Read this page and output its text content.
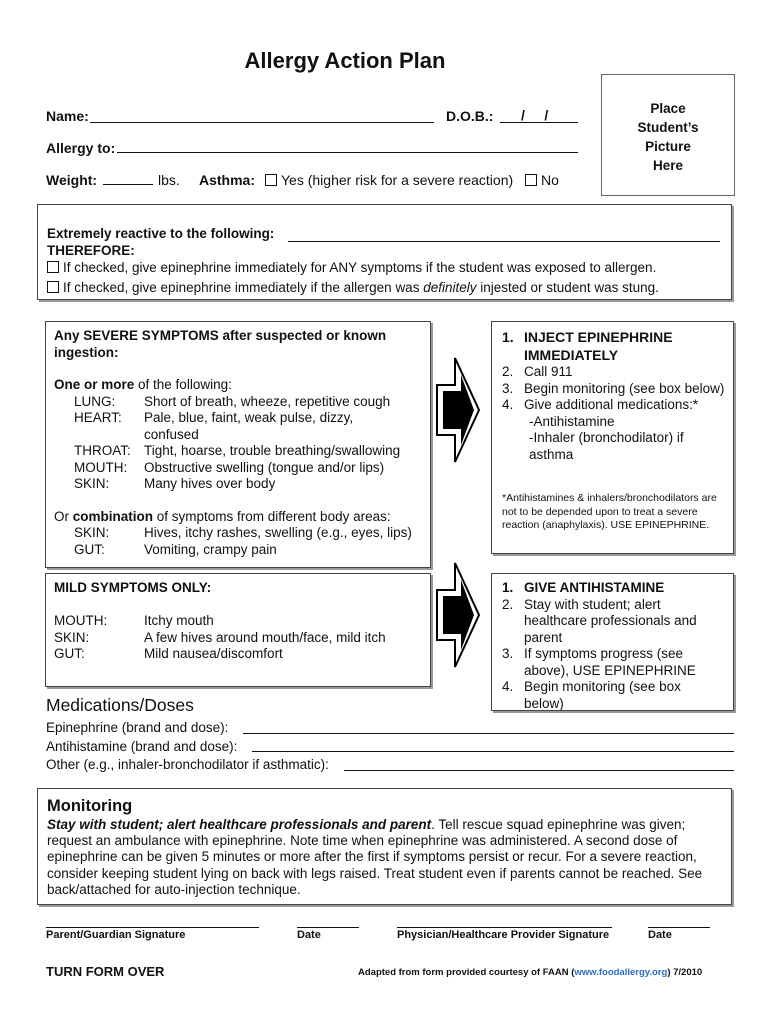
Allergy Action Plan
Name:	D.O.B.: /     /
Allergy to:
Weight:	lbs. Asthma:	Yes (higher risk for a severe reaction)	No
Place
Student’s
Picture
Here
Extremely reactive to the following:
THEREFORE:
If checked, give epinephrine immediately for ANY symptoms if the student was exposed to allergen.
If checked, give epinephrine immediately if the allergen was definitely injested or student was stung.
Any SEVERE SYMPTOMS after suspected or known
ingestion:
One or more of the following:
LUNG: Short of breath, wheeze, repetitive cough
HEART: Pale, blue, faint, weak pulse, dizzy,
confused
THROAT: Tight, hoarse, trouble breathing/swallowing
MOUTH: Obstructive swelling (tongue and/or lips)
SKIN:	Many hives over body
Or combination of symptoms from different body areas:
SKIN:	Hives, itchy rashes, swelling (e.g., eyes, lips)
GUT:	Vomiting, crampy pain
1. INJECT EPINEPHRINE IMMEDIATELY
2. Call 911
3. Begin monitoring (see box below)
4. Give additional medications:*
-Antihistamine
-Inhaler (bronchodilator) if asthma
*Antihistamines & inhalers/bronchodilators are not to be depended upon to treat a severe reaction (anaphylaxis). USE EPINEPHRINE.
MILD SYMPTOMS ONLY:
MOUTH:	Itchy mouth
SKIN:	A few hives around mouth/face, mild itch
GUT:	Mild nausea/discomfort
1. GIVE ANTIHISTAMINE
2. Stay with student; alert healthcare professionals and parent
3. If symptoms progress (see above), USE EPINEPHRINE
4. Begin monitoring (see box below)
Medications/Doses
Epinephrine (brand and dose):
Antihistamine (brand and dose):
Other (e.g., inhaler-bronchodilator if asthmatic):
Monitoring
Stay with student; alert healthcare professionals and parent. Tell rescue squad epinephrine was given; request an ambulance with epinephrine. Note time when epinephrine was administered. A second dose of epinephrine can be given 5 minutes or more after the first if symptoms persist or recur. For a severe reaction, consider keeping student lying on back with legs raised. Treat student even if parents cannot be reached. See back/attached for auto-injection technique.
Parent/Guardian Signature	Date	Physician/Healthcare Provider Signature	Date
TURN FORM OVER	Adapted from form provided courtesy of FAAN (www.foodallergy.org) 7/2010
